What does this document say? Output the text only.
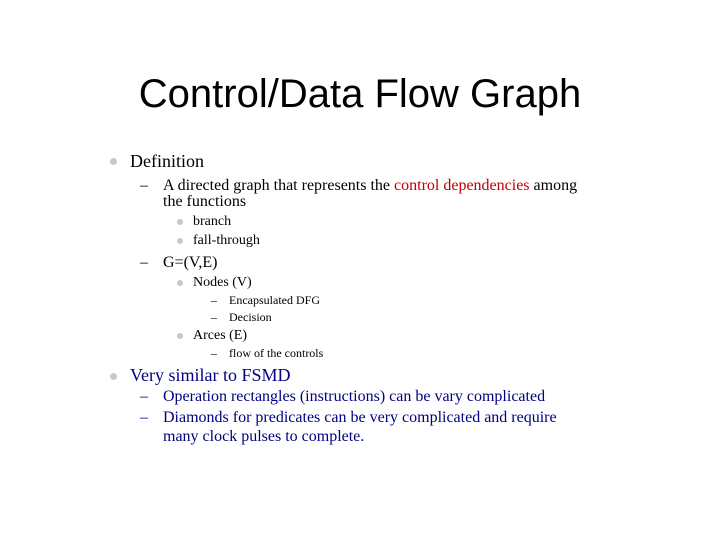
Control/Data Flow Graph
Definition
– A directed graph that represents the control dependencies among
the functions
branch
fall-through
– G=(V,E)
Nodes (V)
– Encapsulated DFG
– Decision
Arces (E)
– flow of the controls
Very similar to FSMD
– Operation rectangles (instructions) can be vary complicated
– Diamonds for predicates can be very complicated and require
many clock pulses to complete.
